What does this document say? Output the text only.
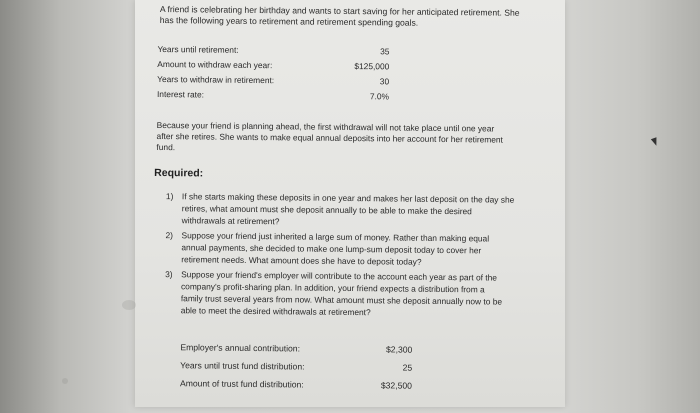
A friend is celebrating her birthday and wants to start saving for her anticipated retirement. She
has the following years to retirement and retirement spending goals.
Years until retirement:	35
Amount to withdraw each year:	$125,000
Years to withdraw in retirement:	30
Interest rate:	7.0%
Because your friend is planning ahead, the first withdrawal will not take place until one year
after she retires. She wants to make equal annual deposits into her account for her retirement
fund.
Required:
1) If she starts making these deposits in one year and makes her last deposit on the day she
retires, what amount must she deposit annually to be able to make the desired
withdrawals at retirement?
2) Suppose your friend just inherited a large sum of money. Rather than making equal
annual payments, she decided to make one lump-sum deposit today to cover her
retirement needs. What amount does she have to deposit today?
3) Suppose your friend's employer will contribute to the account each year as part of the
company's profit-sharing plan. In addition, your friend expects a distribution from a
family trust several years from now. What amount must she deposit annually now to be
able to meet the desired withdrawals at retirement?
Employer's annual contribution:	$2,300
Years until trust fund distribution:	25
Amount of trust fund distribution:	$32,500
